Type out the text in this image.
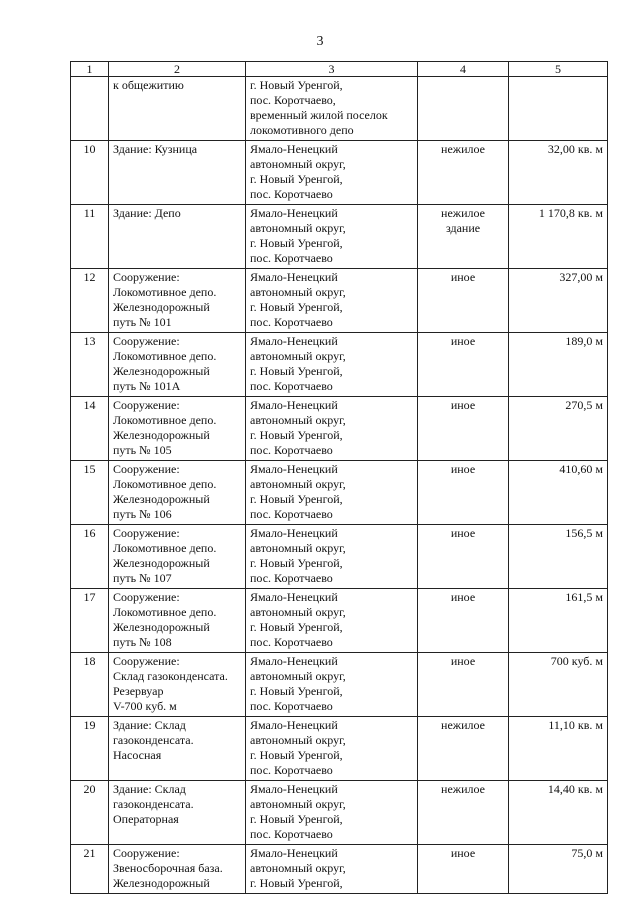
3
1	2	3	4	5

	к общежитию	г. Новый Уренгой,
пос. Коротчаево,
временный жилой поселок
локомотивного депо		

10	Здание: Кузница	Ямало-Ненецкий
автономный округ,
г. Новый Уренгой,
пос. Коротчаево	нежилое	32,00 кв. м
11	Здание: Депо	Ямало-Ненецкий
автономный округ,
г. Новый Уренгой,
пос. Коротчаево	нежилое
здание	1 170,8 кв. м
12	Сооружение:
Локомотивное депо.
Железнодорожный
путь № 101	Ямало-Ненецкий
автономный округ,
г. Новый Уренгой,
пос. Коротчаево	иное	327,00 м
13	Сооружение:
Локомотивное депо.
Железнодорожный
путь № 101А	Ямало-Ненецкий
автономный округ,
г. Новый Уренгой,
пос. Коротчаево	иное	189,0 м
14	Сооружение:
Локомотивное депо.
Железнодорожный
путь № 105	Ямало-Ненецкий
автономный округ,
г. Новый Уренгой,
пос. Коротчаево	иное	270,5 м
15	Сооружение:
Локомотивное депо.
Железнодорожный
путь № 106	Ямало-Ненецкий
автономный округ,
г. Новый Уренгой,
пос. Коротчаево	иное	410,60 м
16	Сооружение:
Локомотивное депо.
Железнодорожный
путь № 107	Ямало-Ненецкий
автономный округ,
г. Новый Уренгой,
пос. Коротчаево	иное	156,5 м
17	Сооружение:
Локомотивное депо.
Железнодорожный
путь № 108	Ямало-Ненецкий
автономный округ,
г. Новый Уренгой,
пос. Коротчаево	иное	161,5 м
18	Сооружение:
Склад газоконденсата.
Резервуар
V-700 куб. м	Ямало-Ненецкий
автономный округ,
г. Новый Уренгой,
пос. Коротчаево	иное	700 куб. м
19	Здание: Склад
газоконденсата.
Насосная	Ямало-Ненецкий
автономный округ,
г. Новый Уренгой,
пос. Коротчаево	нежилое	11,10 кв. м
20	Здание: Склад
газоконденсата.
Операторная	Ямало-Ненецкий
автономный округ,
г. Новый Уренгой,
пос. Коротчаево	нежилое	14,40 кв. м
21	Сооружение:
Звеносборочная база.
Железнодорожный	Ямало-Ненецкий
автономный округ,
г. Новый Уренгой,	иное	75,0 м
